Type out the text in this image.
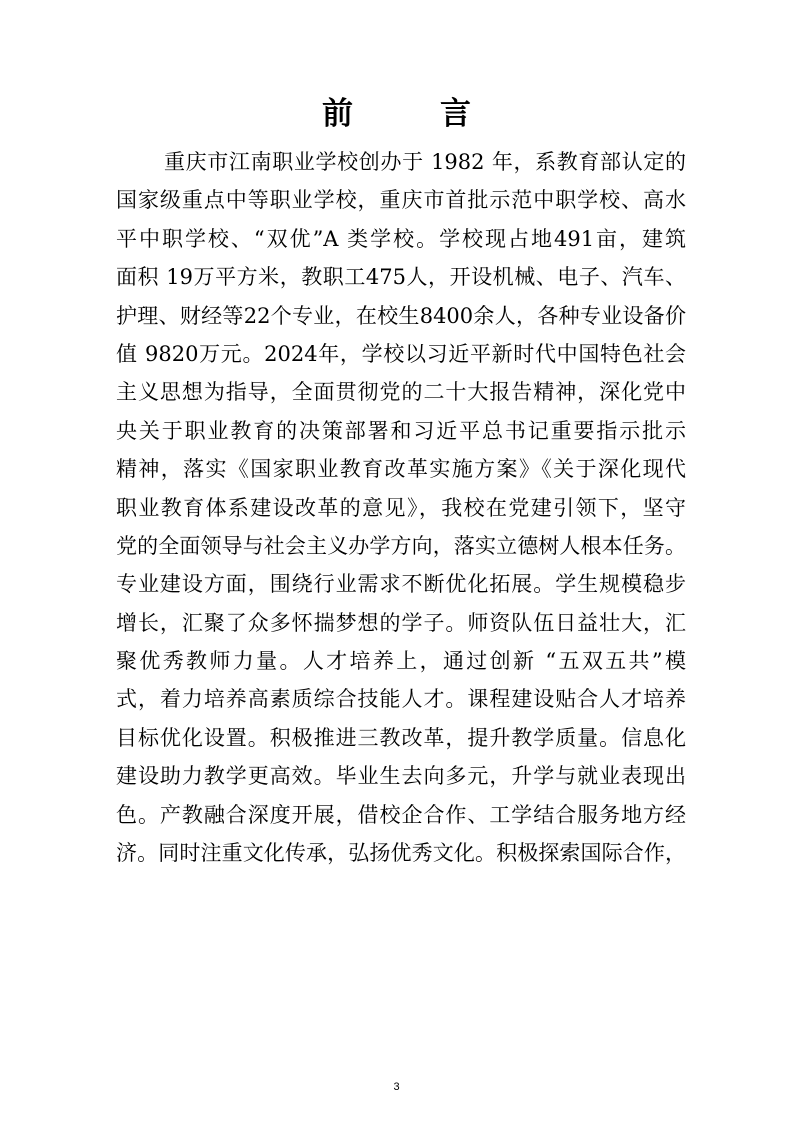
前　言
重庆市江南职业学校创办于 1982 年，系教育部认定的
国家级重点中等职业学校，重庆市首批示范中职学校、高水
平中职学校、“双优”A 类学校。学校现占地491亩，建筑
面积 19万平方米，教职工475人，开设机械、电子、汽车、
护理、财经等22个专业，在校生8400余人，各种专业设备价
值 9820万元。2024年，学校以习近平新时代中国特色社会
主义思想为指导，全面贯彻党的二十大报告精神，深化党中
央关于职业教育的决策部署和习近平总书记重要指示批示
精神，落实《国家职业教育改革实施方案》《关于深化现代
职业教育体系建设改革的意见》，我校在党建引领下，坚守
党的全面领导与社会主义办学方向，落实立德树人根本任务。
专业建设方面，围绕行业需求不断优化拓展。学生规模稳步
增长，汇聚了众多怀揣梦想的学子。师资队伍日益壮大，汇
聚优秀教师力量。人才培养上，通过创新 “五双五共”模
式，着力培养高素质综合技能人才。课程建设贴合人才培养
目标优化设置。积极推进三教改革，提升教学质量。信息化
建设助力教学更高效。毕业生去向多元，升学与就业表现出
色。产教融合深度开展，借校企合作、工学结合服务地方经
济。同时注重文化传承，弘扬优秀文化。积极探索国际合作，
3
